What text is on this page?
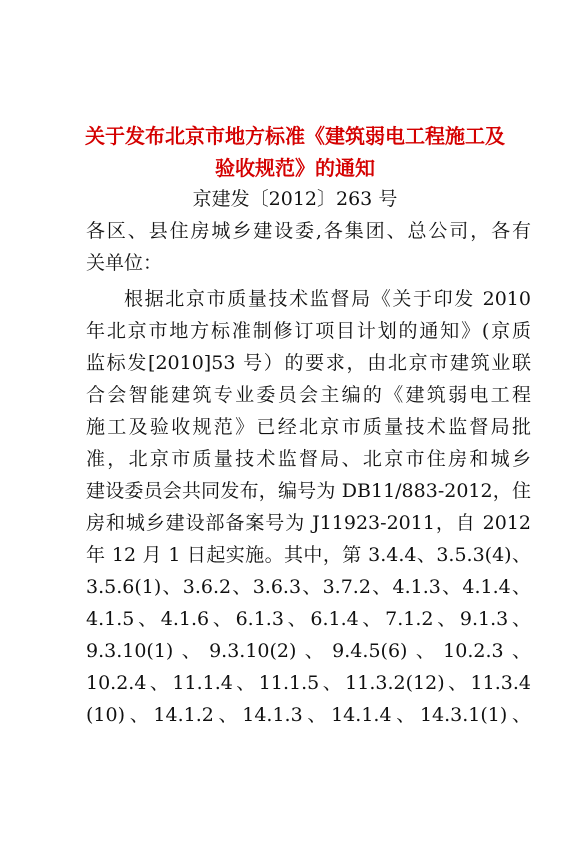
关于发布北京市地方标准《建筑弱电工程施工及
验收规范》的通知
京建发〔2012〕263 号
各区、县住房城乡建设委,各集团、总公司，各有
关单位：
根据北京市质量技术监督局《关于印发 2010
年北京市地方标准制修订项目计划的通知》(京质
监标发[2010]53 号）的要求，由北京市建筑业联
合会智能建筑专业委员会主编的《建筑弱电工程
施工及验收规范》已经北京市质量技术监督局批
准，北京市质量技术监督局、北京市住房和城乡
建设委员会共同发布，编号为 DB11/883-2012，住
房和城乡建设部备案号为 J11923-2011，自 2012
年 12 月 1 日起实施。其中，第 3.4.4、3.5.3(4)、
3.5.6(1)、3.6.2、3.6.3、3.7.2、4.1.3、4.1.4、
4.1.5、4.1.6、6.1.3、6.1.4、7.1.2、9.1.3、
9.3.10(1)、9.3.10(2)、9.4.5(6)、10.2.3、
10.2.4、11.1.4、11.1.5、11.3.2(12)、11.3.4
(10)、14.1.2、14.1.3、14.1.4、14.3.1(1)、
